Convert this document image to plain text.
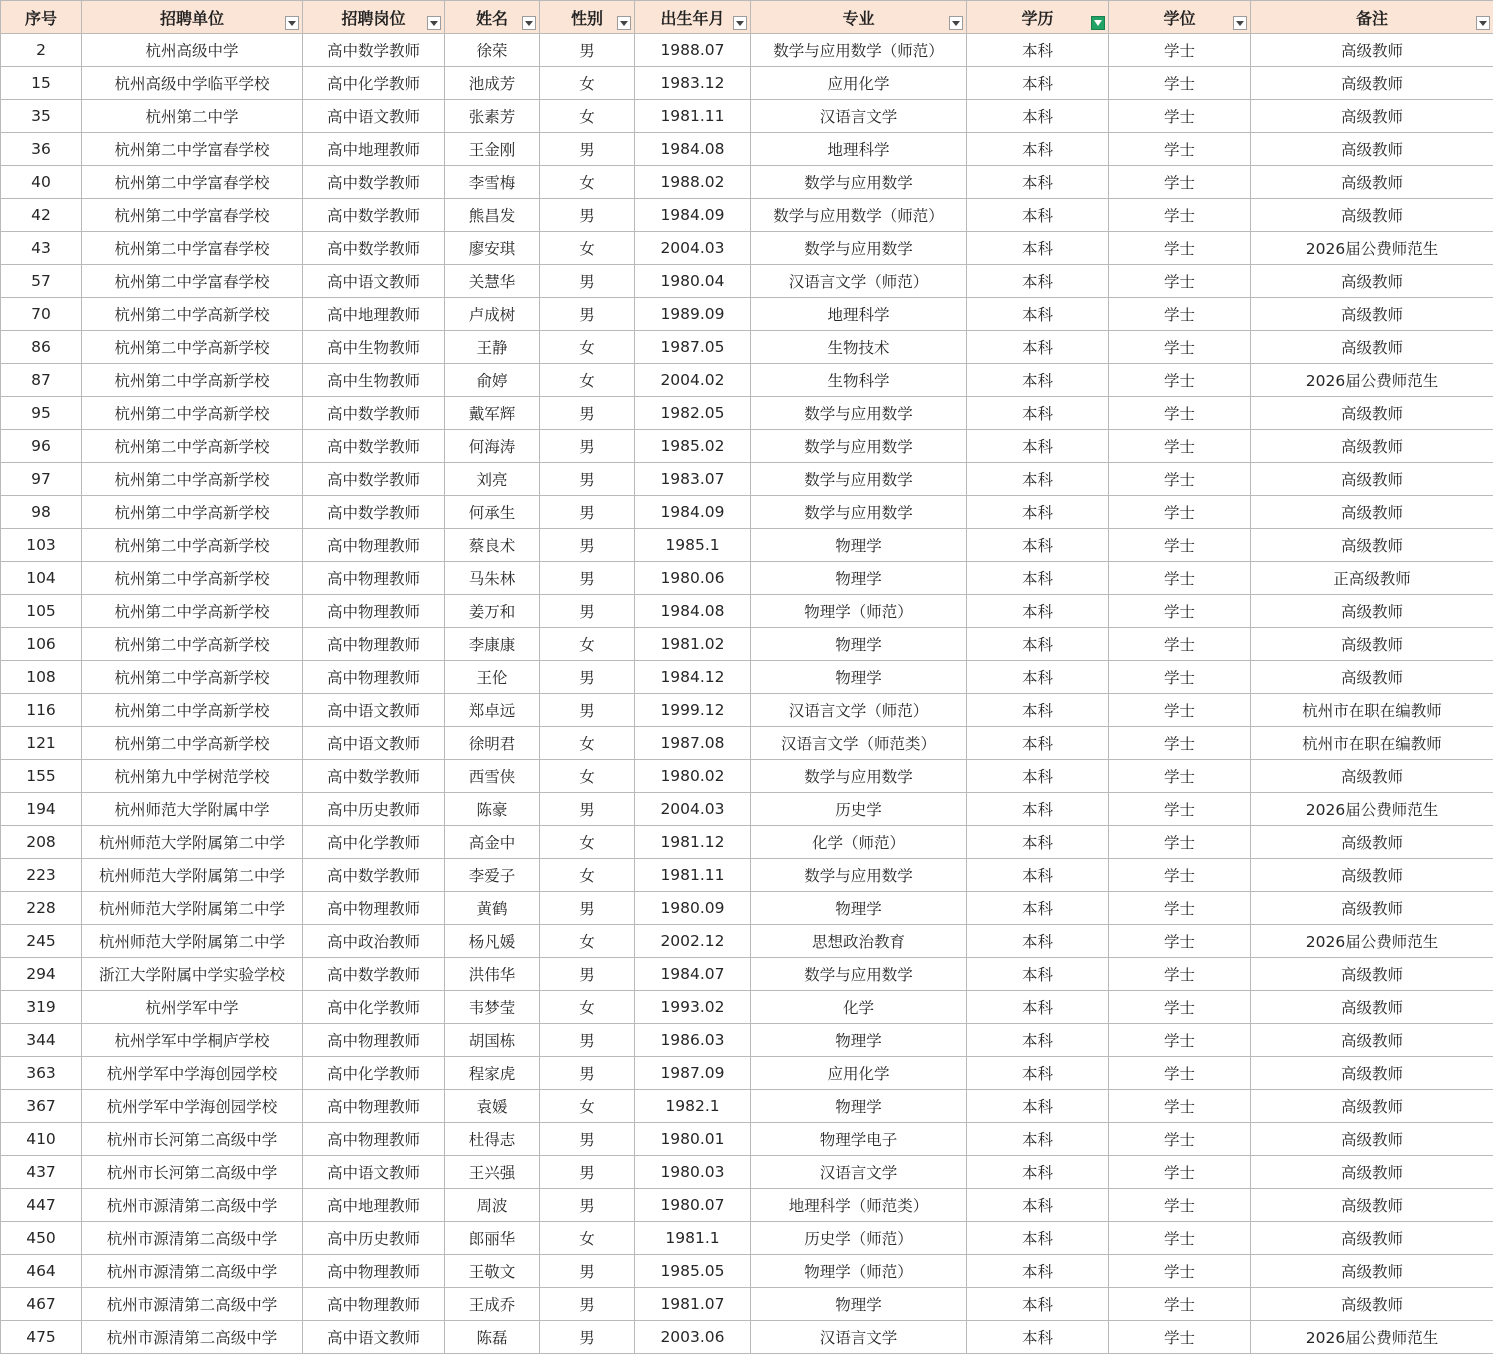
序号	招聘单位	招聘岗位	姓名	性别	出生年月	专业	学历	学位	备注

2	杭州高级中学	高中数学教师	徐荣	男	1988.07	数学与应用数学（师范）	本科	学士	高级教师
15	杭州高级中学临平学校	高中化学教师	池成芳	女	1983.12	应用化学	本科	学士	高级教师
35	杭州第二中学	高中语文教师	张素芳	女	1981.11	汉语言文学	本科	学士	高级教师
36	杭州第二中学富春学校	高中地理教师	王金刚	男	1984.08	地理科学	本科	学士	高级教师
40	杭州第二中学富春学校	高中数学教师	李雪梅	女	1988.02	数学与应用数学	本科	学士	高级教师
42	杭州第二中学富春学校	高中数学教师	熊昌发	男	1984.09	数学与应用数学（师范）	本科	学士	高级教师
43	杭州第二中学富春学校	高中数学教师	廖安琪	女	2004.03	数学与应用数学	本科	学士	2026届公费师范生
57	杭州第二中学富春学校	高中语文教师	关慧华	男	1980.04	汉语言文学（师范）	本科	学士	高级教师
70	杭州第二中学高新学校	高中地理教师	卢成树	男	1989.09	地理科学	本科	学士	高级教师
86	杭州第二中学高新学校	高中生物教师	王静	女	1987.05	生物技术	本科	学士	高级教师
87	杭州第二中学高新学校	高中生物教师	俞婷	女	2004.02	生物科学	本科	学士	2026届公费师范生
95	杭州第二中学高新学校	高中数学教师	戴军辉	男	1982.05	数学与应用数学	本科	学士	高级教师
96	杭州第二中学高新学校	高中数学教师	何海涛	男	1985.02	数学与应用数学	本科	学士	高级教师
97	杭州第二中学高新学校	高中数学教师	刘亮	男	1983.07	数学与应用数学	本科	学士	高级教师
98	杭州第二中学高新学校	高中数学教师	何承生	男	1984.09	数学与应用数学	本科	学士	高级教师
103	杭州第二中学高新学校	高中物理教师	蔡良术	男	1985.1	物理学	本科	学士	高级教师
104	杭州第二中学高新学校	高中物理教师	马朱林	男	1980.06	物理学	本科	学士	正高级教师
105	杭州第二中学高新学校	高中物理教师	姜万和	男	1984.08	物理学（师范）	本科	学士	高级教师
106	杭州第二中学高新学校	高中物理教师	李康康	女	1981.02	物理学	本科	学士	高级教师
108	杭州第二中学高新学校	高中物理教师	王伦	男	1984.12	物理学	本科	学士	高级教师
116	杭州第二中学高新学校	高中语文教师	郑卓远	男	1999.12	汉语言文学（师范）	本科	学士	杭州市在职在编教师
121	杭州第二中学高新学校	高中语文教师	徐明君	女	1987.08	汉语言文学（师范类）	本科	学士	杭州市在职在编教师
155	杭州第九中学树范学校	高中数学教师	西雪侠	女	1980.02	数学与应用数学	本科	学士	高级教师
194	杭州师范大学附属中学	高中历史教师	陈豪	男	2004.03	历史学	本科	学士	2026届公费师范生
208	杭州师范大学附属第二中学	高中化学教师	高金中	女	1981.12	化学（师范）	本科	学士	高级教师
223	杭州师范大学附属第二中学	高中数学教师	李爱子	女	1981.11	数学与应用数学	本科	学士	高级教师
228	杭州师范大学附属第二中学	高中物理教师	黄鹤	男	1980.09	物理学	本科	学士	高级教师
245	杭州师范大学附属第二中学	高中政治教师	杨凡媛	女	2002.12	思想政治教育	本科	学士	2026届公费师范生
294	浙江大学附属中学实验学校	高中数学教师	洪伟华	男	1984.07	数学与应用数学	本科	学士	高级教师
319	杭州学军中学	高中化学教师	韦梦莹	女	1993.02	化学	本科	学士	高级教师
344	杭州学军中学桐庐学校	高中物理教师	胡国栋	男	1986.03	物理学	本科	学士	高级教师
363	杭州学军中学海创园学校	高中化学教师	程家虎	男	1987.09	应用化学	本科	学士	高级教师
367	杭州学军中学海创园学校	高中物理教师	袁媛	女	1982.1	物理学	本科	学士	高级教师
410	杭州市长河第二高级中学	高中物理教师	杜得志	男	1980.01	物理学电子	本科	学士	高级教师
437	杭州市长河第二高级中学	高中语文教师	王兴强	男	1980.03	汉语言文学	本科	学士	高级教师
447	杭州市源清第二高级中学	高中地理教师	周波	男	1980.07	地理科学（师范类）	本科	学士	高级教师
450	杭州市源清第二高级中学	高中历史教师	郎丽华	女	1981.1	历史学（师范）	本科	学士	高级教师
464	杭州市源清第二高级中学	高中物理教师	王敬文	男	1985.05	物理学（师范）	本科	学士	高级教师
467	杭州市源清第二高级中学	高中物理教师	王成乔	男	1981.07	物理学	本科	学士	高级教师
475	杭州市源清第二高级中学	高中语文教师	陈磊	男	2003.06	汉语言文学	本科	学士	2026届公费师范生
